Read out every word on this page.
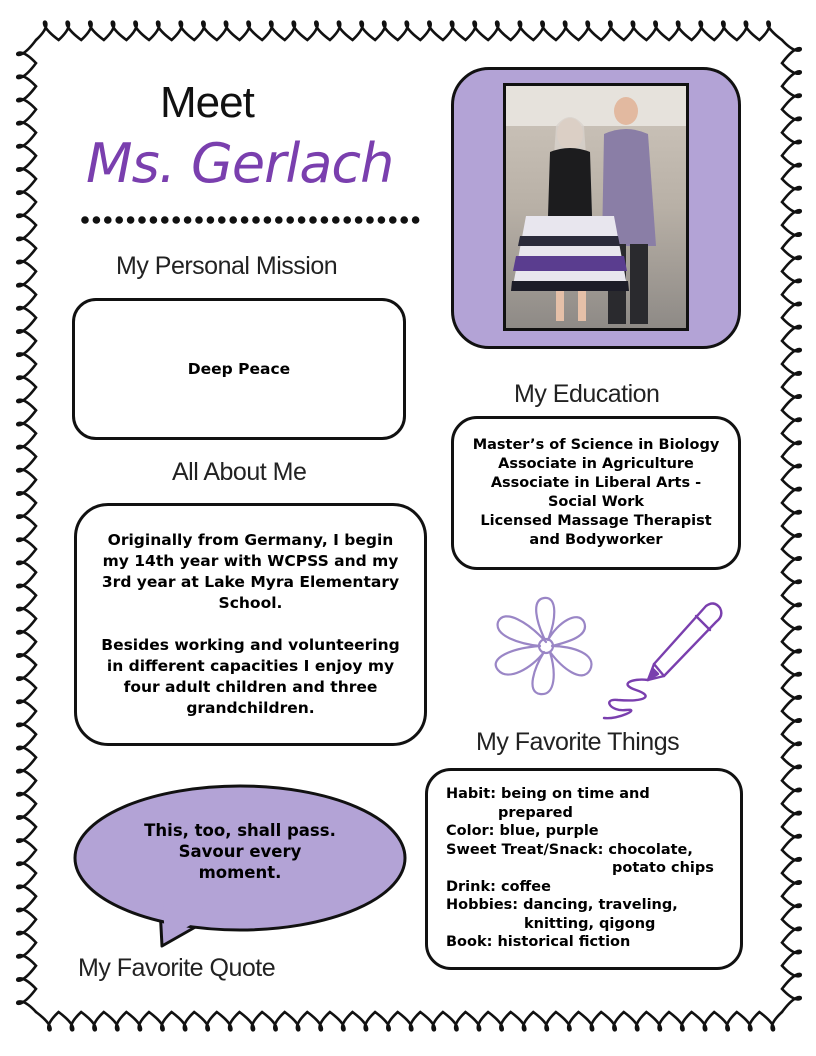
Meet
Ms. Gerlach
My Personal Mission
Deep Peace
All About Me
Originally from Germany, I begin my 14th year with WCPSS and my 3rd year at Lake Myra Elementary School.
Besides working and volunteering in different capacities I enjoy my four adult children and three grandchildren.
This, too, shall pass.
Savour every
moment.
My Favorite Quote
My Education
Master’s of Science in Biology
Associate in Agriculture
Associate in Liberal Arts -
Social Work
Licensed Massage Therapist
and Bodyworker
My Favorite Things
Habit: being on time and
prepared
Color: blue, purple
Sweet Treat/Snack: chocolate,
potato chips
Drink: coffee
Hobbies: dancing, traveling,
knitting, qigong
Book: historical fiction
